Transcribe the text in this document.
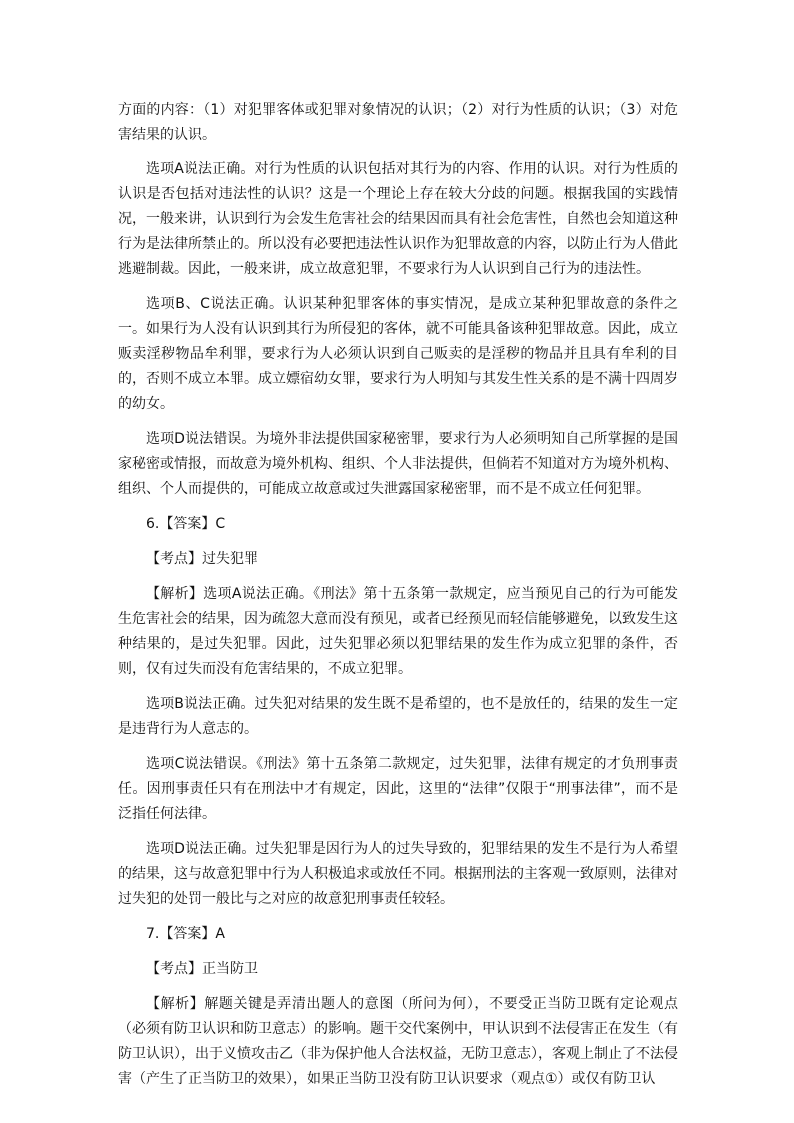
方面的内容：（1）对犯罪客体或犯罪对象情况的认识；（2）对行为性质的认识；（3）对危害结果的认识。

选项A说法正确。对行为性质的认识包括对其行为的内容、作用的认识。对行为性质的认识是否包括对违法性的认识？这是一个理论上存在较大分歧的问题。根据我国的实践情况，一般来讲，认识到行为会发生危害社会的结果因而具有社会危害性，自然也会知道这种行为是法律所禁止的。所以没有必要把违法性认识作为犯罪故意的内容，以防止行为人借此逃避制裁。因此，一般来讲，成立故意犯罪，不要求行为人认识到自己行为的违法性。

选项B、C说法正确。认识某种犯罪客体的事实情况，是成立某种犯罪故意的条件之一。如果行为人没有认识到其行为所侵犯的客体，就不可能具备该种犯罪故意。因此，成立贩卖淫秽物品牟利罪，要求行为人必须认识到自己贩卖的是淫秽的物品并且具有牟利的目的，否则不成立本罪。成立嫖宿幼女罪，要求行为人明知与其发生性关系的是不满十四周岁的幼女。

选项D说法错误。为境外非法提供国家秘密罪，要求行为人必须明知自己所掌握的是国家秘密或情报，而故意为境外机构、组织、个人非法提供，但倘若不知道对方为境外机构、组织、个人而提供的，可能成立故意或过失泄露国家秘密罪，而不是不成立任何犯罪。

6.【答案】C

【考点】过失犯罪

【解析】选项A说法正确。《刑法》第十五条第一款规定，应当预见自己的行为可能发生危害社会的结果，因为疏忽大意而没有预见，或者已经预见而轻信能够避免，以致发生这种结果的，是过失犯罪。因此，过失犯罪必须以犯罪结果的发生作为成立犯罪的条件，否则，仅有过失而没有危害结果的，不成立犯罪。

选项B说法正确。过失犯对结果的发生既不是希望的，也不是放任的，结果的发生一定是违背行为人意志的。

选项C说法错误。《刑法》第十五条第二款规定，过失犯罪，法律有规定的才负刑事责任。因刑事责任只有在刑法中才有规定，因此，这里的“法律”仅限于“刑事法律”，而不是泛指任何法律。

选项D说法正确。过失犯罪是因行为人的过失导致的，犯罪结果的发生不是行为人希望的结果，这与故意犯罪中行为人积极追求或放任不同。根据刑法的主客观一致原则，法律对过失犯的处罚一般比与之对应的故意犯刑事责任较轻。

7.【答案】A

【考点】正当防卫

【解析】解题关键是弄清出题人的意图（所问为何），不要受正当防卫既有定论观点（必须有防卫认识和防卫意志）的影响。题干交代案例中，甲认识到不法侵害正在发生（有防卫认识），出于义愤攻击乙（非为保护他人合法权益，无防卫意志），客观上制止了不法侵害（产生了正当防卫的效果），如果正当防卫没有防卫认识要求（观点①）或仅有防卫认
